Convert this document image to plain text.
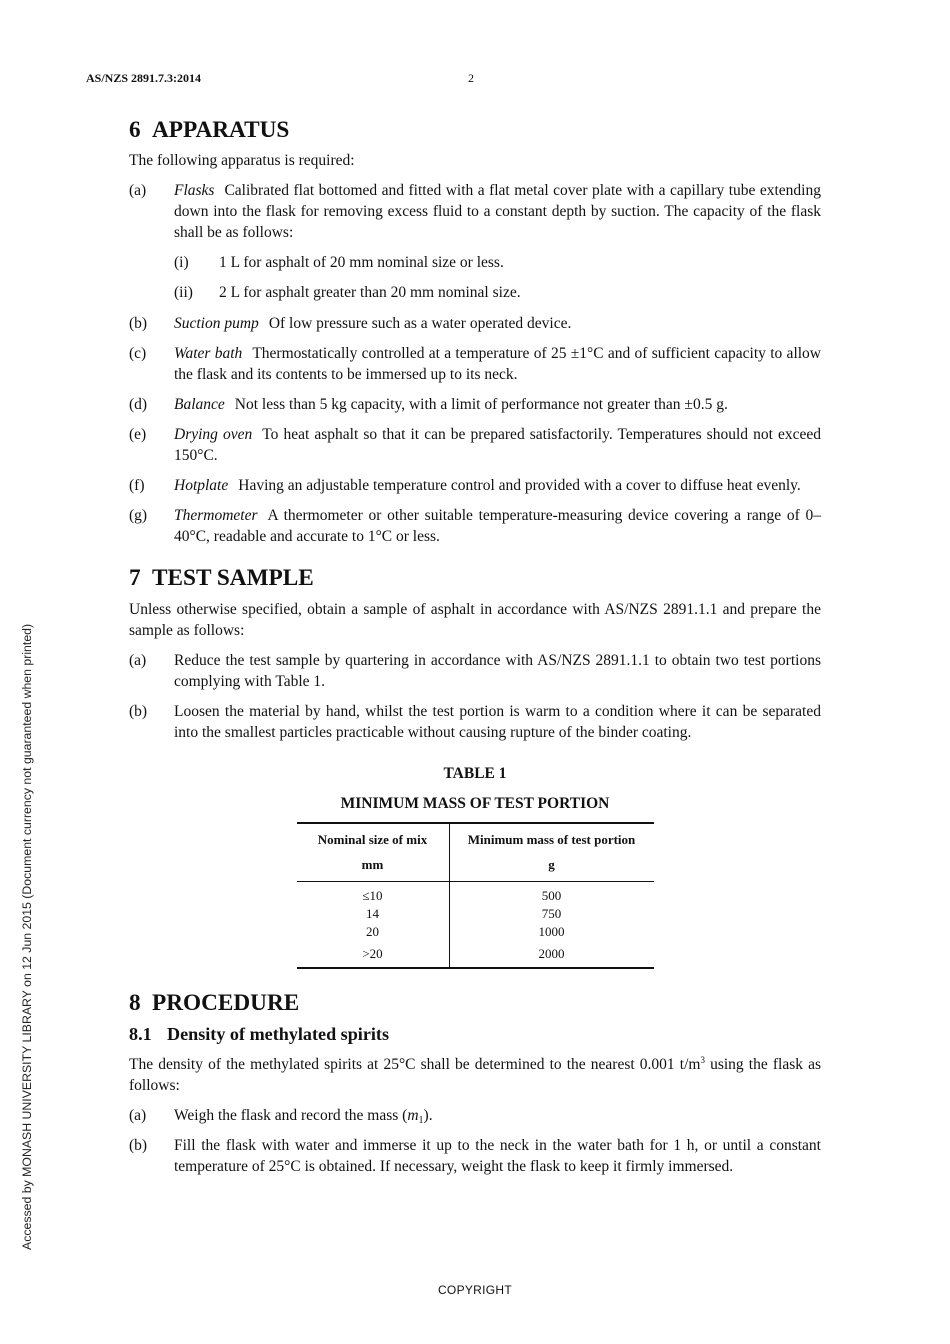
AS/NZS 2891.7.3:2014	2
Accessed by MONASH UNIVERSITY LIBRARY on 12 Jun 2015 (Document currency not guaranteed when printed)
6 APPARATUS

The following apparatus is required:

(a)	Flasks Calibrated flat bottomed and fitted with a flat metal cover plate with a capillary tube extending down into the flask for removing excess fluid to a constant depth by suction. The capacity of the flask shall be as follows:
(i)	1 L for asphalt of 20 mm nominal size or less.
(ii)	2 L for asphalt greater than 20 mm nominal size.
(b)	Suction pump Of low pressure such as a water operated device.
(c)	Water bath Thermostatically controlled at a temperature of 25 ±1°C and of sufficient capacity to allow the flask and its contents to be immersed up to its neck.
(d)	Balance Not less than 5 kg capacity, with a limit of performance not greater than ±0.5 g.
(e)	Drying oven To heat asphalt so that it can be prepared satisfactorily. Temperatures should not exceed 150°C.
(f)	Hotplate Having an adjustable temperature control and provided with a cover to diffuse heat evenly.
(g)	Thermometer A thermometer or other suitable temperature-measuring device covering a range of 0–40°C, readable and accurate to 1°C or less.
7 TEST SAMPLE

Unless otherwise specified, obtain a sample of asphalt in accordance with AS/NZS 2891.1.1 and prepare the sample as follows:

(a)	Reduce the test sample by quartering in accordance with AS/NZS 2891.1.1 to obtain two test portions complying with Table 1.
(b)	Loosen the material by hand, whilst the test portion is warm to a condition where it can be separated into the smallest particles practicable without causing rupture of the binder coating.
TABLE 1
MINIMUM MASS OF TEST PORTION
Nominal size of mix	Minimum mass of test portion
mm	g
≤10	500
14	750
20	1000
>20	2000
8 PROCEDURE
8.1 Density of methylated spirits

The density of the methylated spirits at 25°C shall be determined to the nearest 0.001 $t/m^3$ using the flask as follows:

(a)	Weigh the flask and record the mass $(m_1)$.
(b)	Fill the flask with water and immerse it up to the neck in the water bath for 1 h, or until a constant temperature of 25°C is obtained. If necessary, weight the flask to keep it firmly immersed.
COPYRIGHT
